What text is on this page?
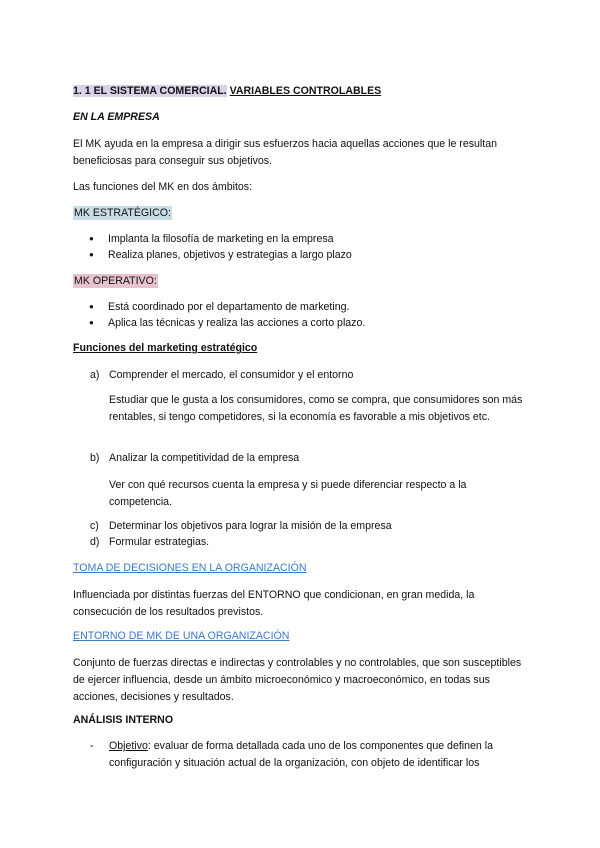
1. 1 EL SISTEMA COMERCIAL. VARIABLES CONTROLABLES

EN LA EMPRESA

El MK ayuda en la empresa a dirigir sus esfuerzos hacia aquellas acciones que le resultan beneficiosas para conseguir sus objetivos.

Las funciones del MK en dos ámbitos:

MK ESTRATÉGICO:

● Implanta la filosofía de marketing en la empresa
● Realiza planes, objetivos y estrategias a largo plazo

MK OPERATIVO:

● Está coordinado por el departamento de marketing.
● Aplica las técnicas y realiza las acciones a corto plazo.

Funciones del marketing estratégico

a) Comprender el mercado, el consumidor y el entorno

Estudiar que le gusta a los consumidores, como se compra, que consumidores son más rentables, si tengo competidores, si la economía es favorable a mis objetivos etc.

b) Analizar la competitividad de la empresa

Ver con qué recursos cuenta la empresa y si puede diferenciar respecto a la competencia.

c) Determinar los objetivos para lograr la misión de la empresa
d) Formular estrategias.

TOMA DE DECISIONES EN LA ORGANIZACIÓN

Influenciada por distintas fuerzas del ENTORNO que condicionan, en gran medida, la consecución de los resultados previstos.

ENTORNO DE MK DE UNA ORGANIZACIÓN

Conjunto de fuerzas directas e indirectas y controlables y no controlables, que son susceptibles de ejercer influencia, desde un ámbito microeconómico y macroeconómico, en todas sus acciones, decisiones y resultados.

ANÁLISIS INTERNO

-	Objetivo: evaluar de forma detallada cada uno de los componentes que definen la configuración y situación actual de la organización, con objeto de identificar los
